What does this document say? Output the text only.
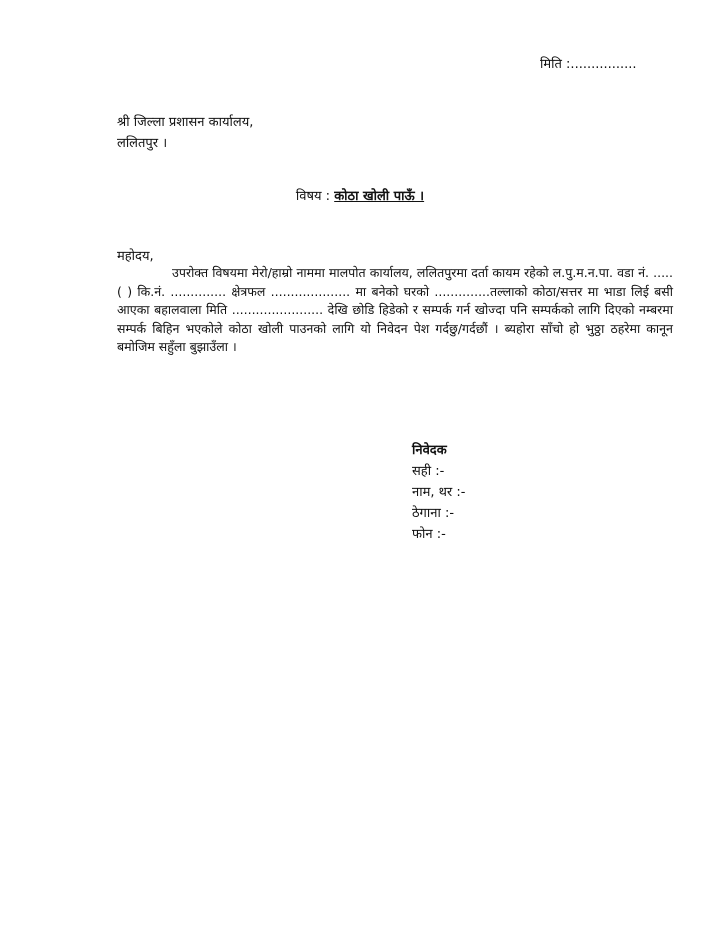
मिति :................
श्री जिल्ला प्रशासन कार्यालय,
ललितपुर ।
विषय : कोठा खोली पाऊँ ।
महोदय,
उपरोक्त विषयमा मेरो/हाम्रो नाममा मालपोत कार्यालय, ललितपुरमा दर्ता कायम रहेको ल.पु.म.न.पा. वडा नं. .....( ) कि.नं. .............. क्षेत्रफल .................... मा बनेको घरको ..............तल्लाको कोठा/सत्तर मा भाडा लिई बसी आएका बहालवाला मिति ....................... देखि छोडि हिडेको र सम्पर्क गर्न खोज्दा पनि सम्पर्कको लागि दिएको नम्बरमा सम्पर्क बिहिन भएकोले कोठा खोली पाउनको लागि यो निवेदन पेश गर्दछु/गर्दछौं । ब्यहोरा साँचो हो भुठ्ठा ठहरेमा कानून बमोजिम सहुँला बुझाउँला ।
निवेदक
सही :-
नाम, थर :-
ठेगाना :-
फोन :-
